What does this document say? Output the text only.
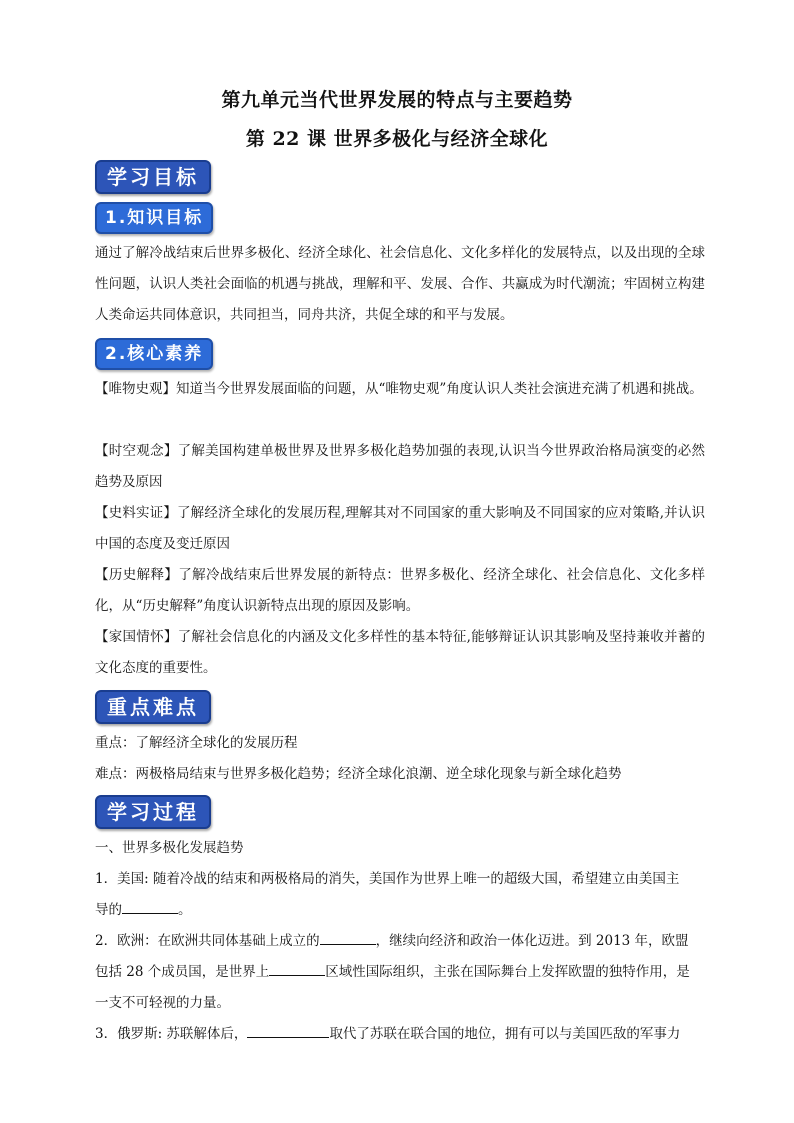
第九单元当代世界发展的特点与主要趋势
第 22 课 世界多极化与经济全球化
学习目标
1.知识目标
通过了解冷战结束后世界多极化、经济全球化、社会信息化、文化多样化的发展特点，以及出现的全球性问题，认识人类社会面临的机遇与挑战，理解和平、发展、合作、共赢成为时代潮流；牢固树立构建人类命运共同体意识，共同担当，同舟共济，共促全球的和平与发展。
2.核心素养
【唯物史观】知道当今世界发展面临的问题，从“唯物史观”角度认识人类社会演进充满了机遇和挑战。
【时空观念】了解美国构建单极世界及世界多极化趋势加强的表现,认识当今世界政治格局演变的必然趋势及原因
【史料实证】了解经济全球化的发展历程,理解其对不同国家的重大影响及不同国家的应对策略,并认识中国的态度及变迁原因
【历史解释】了解冷战结束后世界发展的新特点：世界多极化、经济全球化、社会信息化、文化多样化，从“历史解释”角度认识新特点出现的原因及影响。
【家国情怀】了解社会信息化的内涵及文化多样性的基本特征,能够辩证认识其影响及坚持兼收并蓄的文化态度的重要性。
重点难点
重点：了解经济全球化的发展历程
难点：两极格局结束与世界多极化趋势；经济全球化浪潮、逆全球化现象与新全球化趋势
学习过程
一、世界多极化发展趋势
1．美国: 随着冷战的结束和两极格局的消失，美国作为世界上唯一的超级大国，希望建立由美国主
导的	。
2．欧洲：在欧洲共同体基础上成立的	，继续向经济和政治一体化迈进。到 2013 年，欧盟
包括 28 个成员国，是世界上	区域性国际组织，主张在国际舞台上发挥欧盟的独特作用，是
一支不可轻视的力量。
3．俄罗斯: 苏联解体后，	取代了苏联在联合国的地位，拥有可以与美国匹敌的军事力
